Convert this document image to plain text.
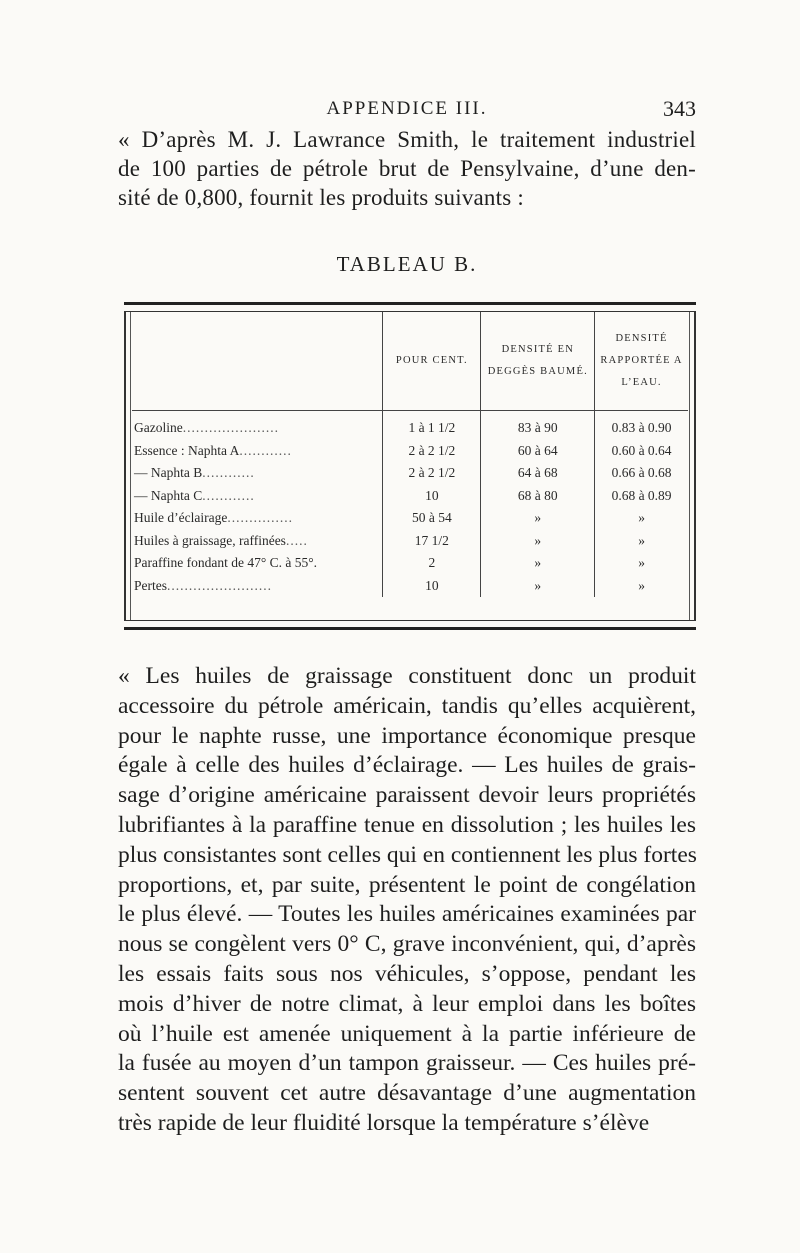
APPENDICE III.	343
« D’après M. J. Lawrance Smith, le traitement industriel
de 100 parties de pétrole brut de Pensylvaine, d’une den-
sité de 0,800, fournit les produits suivants :
TABLEAU B.
	POUR CENT.	DENSITÉ EN DEGGÈS BAUMÉ.	DENSITÉ RAPPORTÉE A L’EAU.
Gazoline......................	1 à 1 1/2	83 à 90	0.83 à 0.90
Essence : Naphta A............	2 à 2 1/2	60 à 64	0.60 à 0.64
— Naphta B............	2 à 2 1/2	64 à 68	0.66 à 0.68
— Naphta C............	10	68 à 80	0.68 à 0.89
Huile d’éclairage...............	50 à 54	»	»
Huiles à graissage, raffinées.....	17 1/2	»	»
Paraffine fondant de 47° C. à 55°.	2	»	»
Pertes........................	10	»	»
« Les huiles de graissage constituent donc un produit
accessoire du pétrole américain, tandis qu’elles acquièrent,
pour le naphte russe, une importance économique presque
égale à celle des huiles d’éclairage. — Les huiles de grais-
sage d’origine américaine paraissent devoir leurs propriétés
lubrifiantes à la paraffine tenue en dissolution ; les huiles les
plus consistantes sont celles qui en contiennent les plus fortes
proportions, et, par suite, présentent le point de congélation
le plus élevé. — Toutes les huiles américaines examinées par
nous se congèlent vers 0° C, grave inconvénient, qui, d’après
les essais faits sous nos véhicules, s’oppose, pendant les
mois d’hiver de notre climat, à leur emploi dans les boîtes
où l’huile est amenée uniquement à la partie inférieure de
la fusée au moyen d’un tampon graisseur. — Ces huiles pré-
sentent souvent cet autre désavantage d’une augmentation
très rapide de leur fluidité lorsque la température s’élève
